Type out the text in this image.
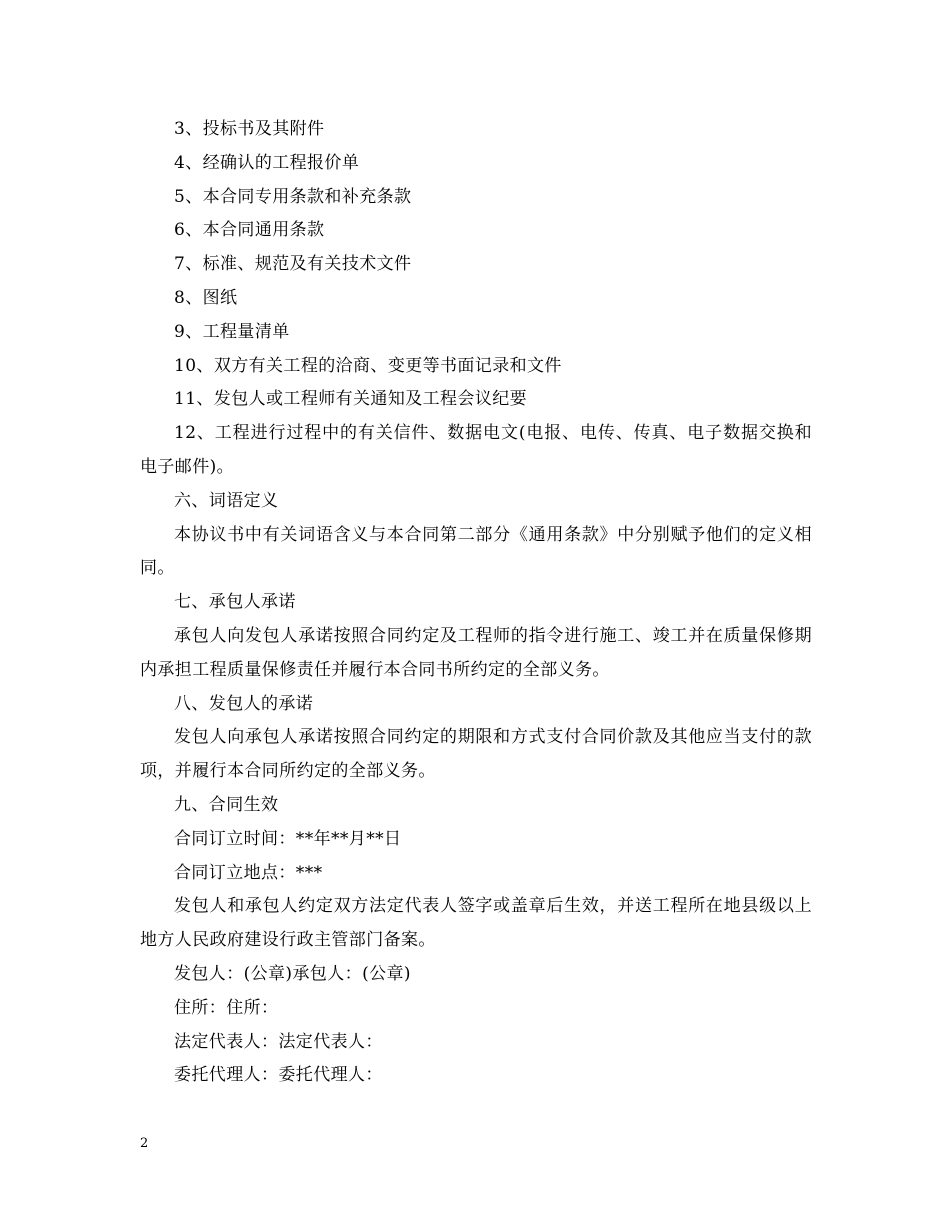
3、投标书及其附件

4、经确认的工程报价单

5、本合同专用条款和补充条款

6、本合同通用条款

7、标准、规范及有关技术文件

8、图纸

9、工程量清单

10、双方有关工程的洽商、变更等书面记录和文件

11、发包人或工程师有关通知及工程会议纪要

12、工程进行过程中的有关信件、数据电文(电报、电传、传真、电子数据交换和电子邮件)。

六、词语定义

本协议书中有关词语含义与本合同第二部分《通用条款》中分别赋予他们的定义相同。

七、承包人承诺

承包人向发包人承诺按照合同约定及工程师的指令进行施工、竣工并在质量保修期内承担工程质量保修责任并履行本合同书所约定的全部义务。

八、发包人的承诺

发包人向承包人承诺按照合同约定的期限和方式支付合同价款及其他应当支付的款项，并履行本合同所约定的全部义务。

九、合同生效

合同订立时间：**年**月**日

合同订立地点：***

发包人和承包人约定双方法定代表人签字或盖章后生效，并送工程所在地县级以上地方人民政府建设行政主管部门备案。

发包人：(公章)承包人：(公章)

住所：住所：

法定代表人：法定代表人：

委托代理人：委托代理人：

2
